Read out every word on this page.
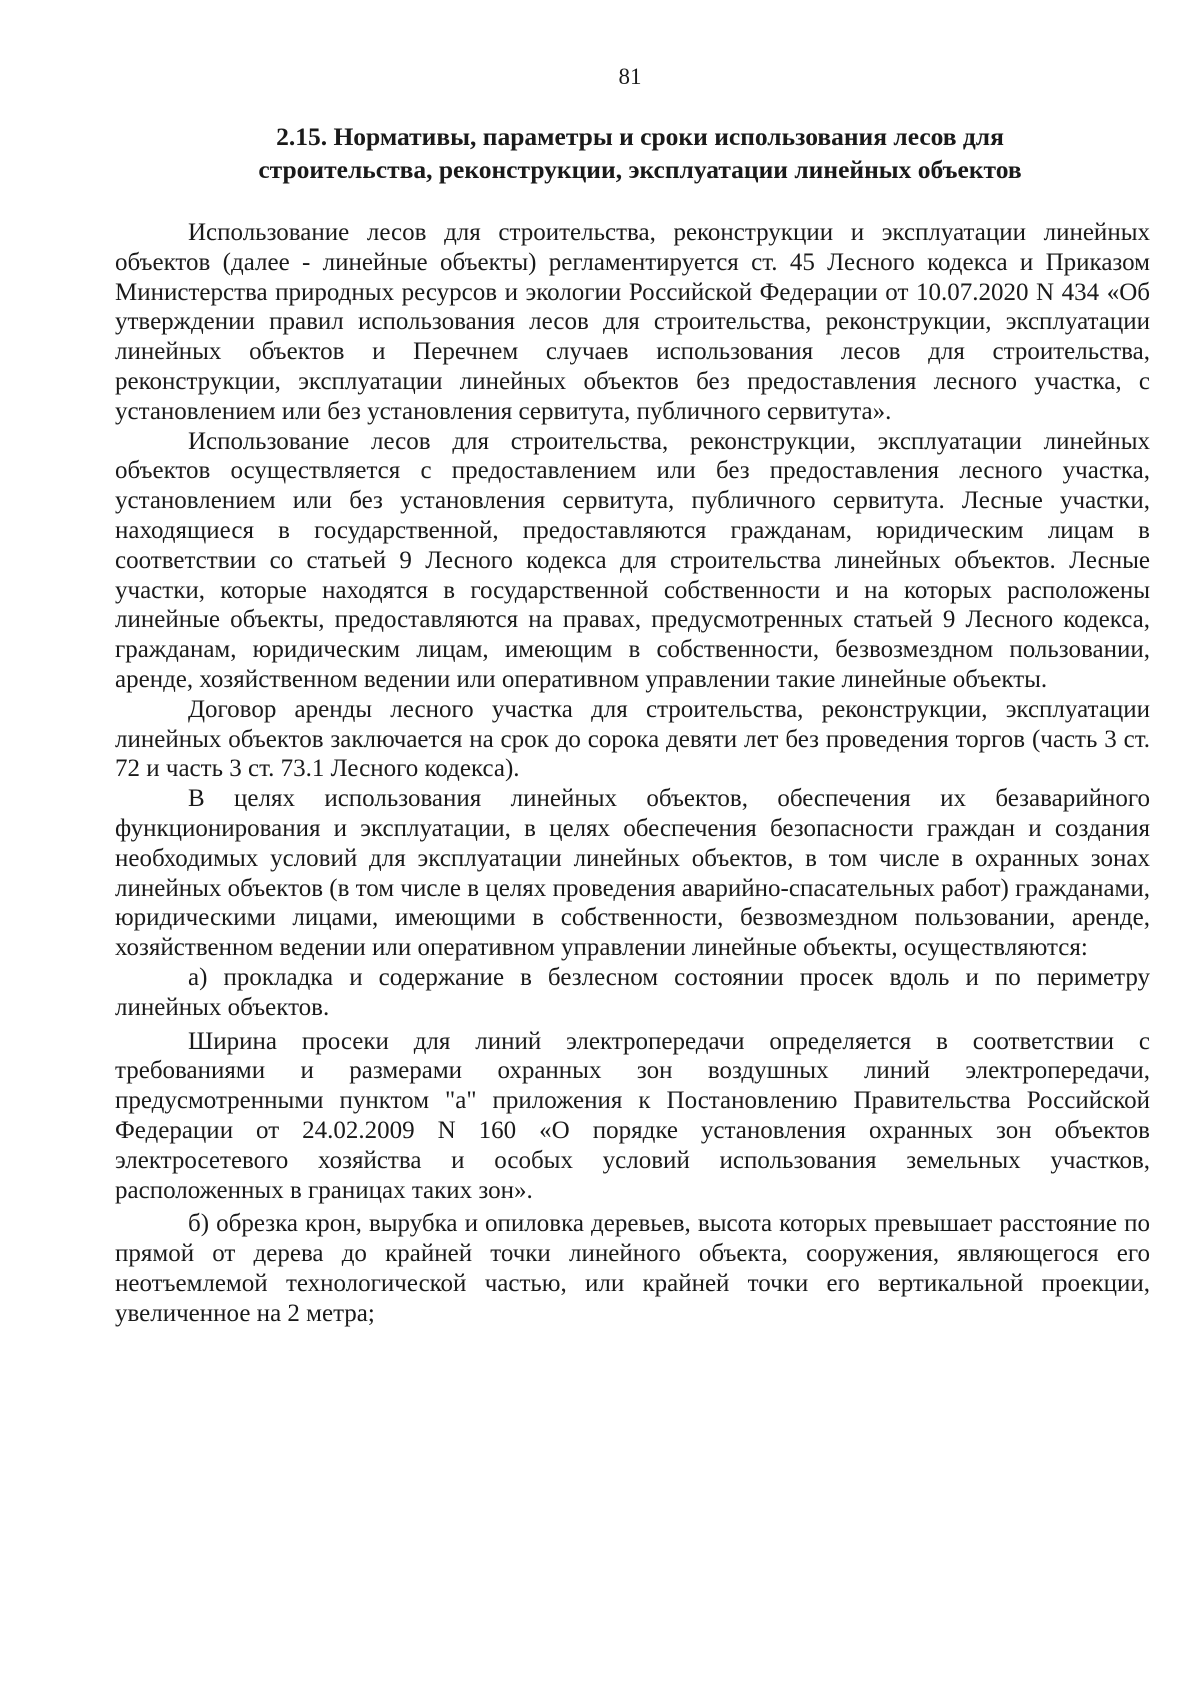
81
2.15. Нормативы, параметры и сроки использования лесов для
строительства, реконструкции, эксплуатации линейных объектов

Использование лесов для строительства, реконструкции и эксплуатации линейных объектов (далее - линейные объекты) регламентируется ст. 45 Лесного кодекса и Приказом Министерства природных ресурсов и экологии Российской Федерации от 10.07.2020 N 434 «Об утверждении правил использования лесов для строительства, реконструкции, эксплуатации линейных объектов и Перечнем случаев использования лесов для строительства, реконструкции, эксплуатации линейных объектов без предоставления лесного участка, с установлением или без установления сервитута, публичного сервитута».

Использование лесов для строительства, реконструкции, эксплуатации линейных объектов осуществляется с предоставлением или без предоставления лесного участка, установлением или без установления сервитута, публичного сервитута. Лесные участки, находящиеся в государственной, предоставляются гражданам, юридическим лицам в соответствии со статьей 9 Лесного кодекса для строительства линейных объектов. Лесные участки, которые находятся в государственной собственности и на которых расположены линейные объекты, предоставляются на правах, предусмотренных статьей 9 Лесного кодекса, гражданам, юридическим лицам, имеющим в собственности, безвозмездном пользовании, аренде, хозяйственном ведении или оперативном управлении такие линейные объекты.

Договор аренды лесного участка для строительства, реконструкции, эксплуатации линейных объектов заключается на срок до сорока девяти лет без проведения торгов (часть 3 ст. 72 и часть 3 ст. 73.1 Лесного кодекса).

В целях использования линейных объектов, обеспечения их безаварийного функционирования и эксплуатации, в целях обеспечения безопасности граждан и создания необходимых условий для эксплуатации линейных объектов, в том числе в охранных зонах линейных объектов (в том числе в целях проведения аварийно-спасательных работ) гражданами, юридическими лицами, имеющими в собственности, безвозмездном пользовании, аренде, хозяйственном ведении или оперативном управлении линейные объекты, осуществляются:

а) прокладка и содержание в безлесном состоянии просек вдоль и по периметру линейных объектов.

Ширина просеки для линий электропередачи определяется в соответствии с требованиями и размерами охранных зон воздушных линий электропередачи, предусмотренными пунктом "а" приложения к Постановлению Правительства Российской Федерации от 24.02.2009 N 160 «О порядке установления охранных зон объектов электросетевого хозяйства и особых условий использования земельных участков, расположенных в границах таких зон».

б) обрезка крон, вырубка и опиловка деревьев, высота которых превышает расстояние по прямой от дерева до крайней точки линейного объекта, сооружения, являющегося его неотъемлемой технологической частью, или крайней точки его вертикальной проекции, увеличенное на 2 метра;
